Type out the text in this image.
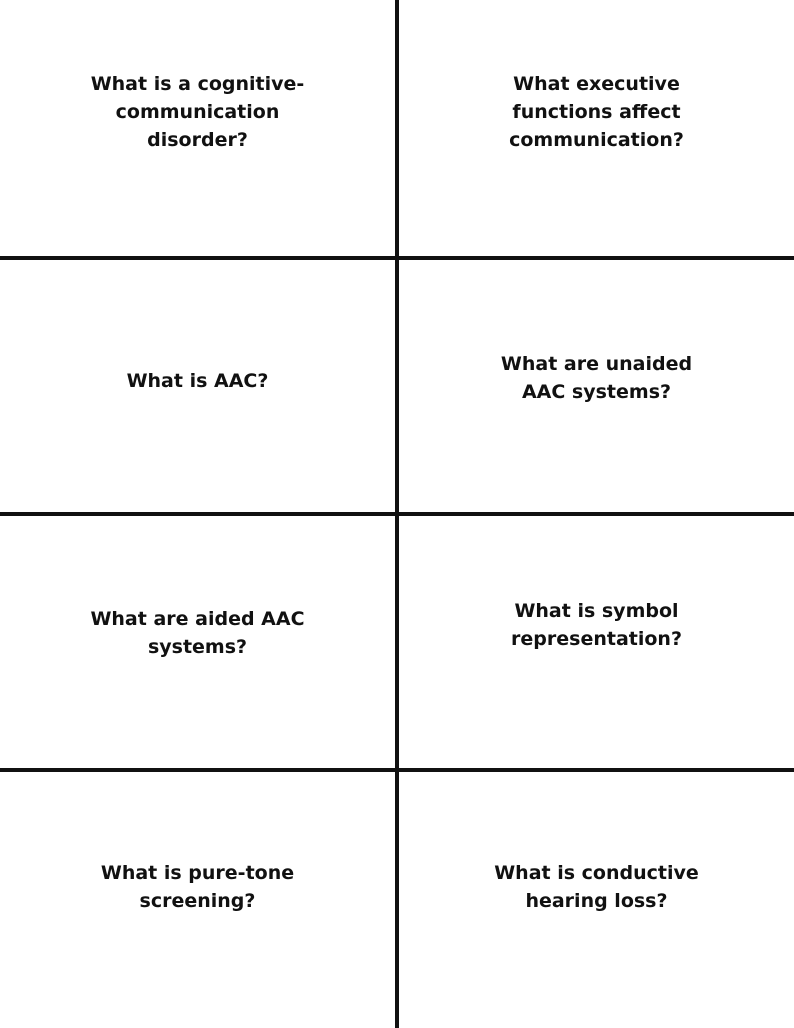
What is a cognitive-
communication
disorder?

What executive
functions affect
communication?

What is AAC?

What are unaided
AAC systems?

What are aided AAC
systems?

What is symbol
representation?

What is pure-tone
screening?

What is conductive
hearing loss?
